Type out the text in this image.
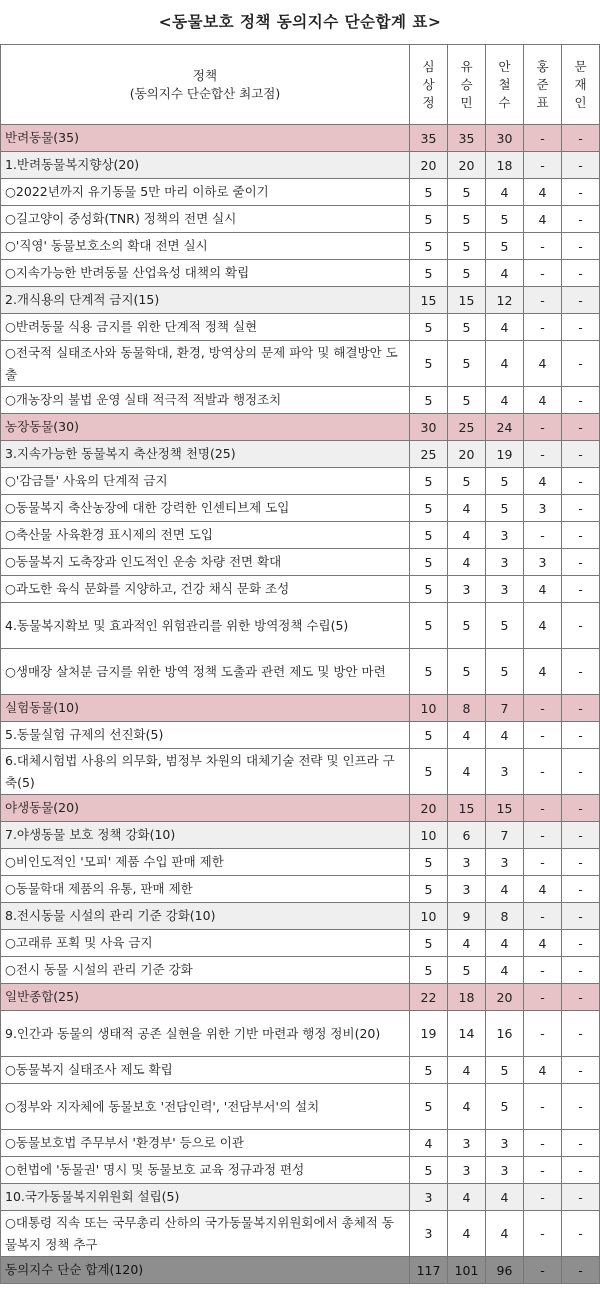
<동물보호 정책 동의지수 단순합계 표>
정책
(동의지수 단순합산 최고점)	심상정	유승민	안철수	홍준표	문재인
반려동물(35)	35	35	30	-	-
1.반려동물복지향상(20)	20	20	18	-	-
○2022년까지 유기동물 5만 마리 이하로 줄이기	5	5	4	4	-
○길고양이 중성화(TNR) 정책의 전면 실시	5	5	5	4	-
○'직영' 동물보호소의 확대 전면 실시	5	5	5	-	-
○지속가능한 반려동물 산업육성 대책의 확립	5	5	4	-	-
2.개식용의 단계적 금지(15)	15	15	12	-	-
○반려동물 식용 금지를 위한 단계적 정책 실현	5	5	4	-	-
○전국적 실태조사와 동물학대, 환경, 방역상의 문제 파악 및 해결방안 도출	5	5	4	4	-
○개농장의 불법 운영 실태 적극적 적발과 행정조치	5	5	4	4	-
농장동물(30)	30	25	24	-	-
3.지속가능한 동물복지 축산정책 천명(25)	25	20	19	-	-
○'감금틀' 사육의 단계적 금지	5	5	5	4	-
○동물복지 축산농장에 대한 강력한 인센티브제 도입	5	4	5	3	-
○축산물 사육환경 표시제의 전면 도입	5	4	3	-	-
○동물복지 도축장과 인도적인 운송 차량 전면 확대	5	4	3	3	-
○과도한 육식 문화를 지양하고, 건강 채식 문화 조성	5	3	3	4	-
4.동물복지확보 및 효과적인 위험관리를 위한 방역정책 수립(5)	5	5	5	4	-
○생매장 살처분 금지를 위한 방역 정책 도출과 관련 제도 및 방안 마련	5	5	5	4	-
실험동물(10)	10	8	7	-	-
5.동물실험 규제의 선진화(5)	5	4	4	-	-
6.대체시험법 사용의 의무화, 범정부 차원의 대체기술 전략 및 인프라 구축(5)	5	4	3	-	-
야생동물(20)	20	15	15	-	-
7.야생동물 보호 정책 강화(10)	10	6	7	-	-
○비인도적인 '모피' 제품 수입 판매 제한	5	3	3	-	-
○동물학대 제품의 유통, 판매 제한	5	3	4	4	-
8.전시동물 시설의 관리 기준 강화(10)	10	9	8	-	-
○고래류 포획 및 사육 금지	5	4	4	4	-
○전시 동물 시설의 관리 기준 강화	5	5	4	-	-
일반종합(25)	22	18	20	-	-
9.인간과 동물의 생태적 공존 실현을 위한 기반 마련과 행정 정비(20)	19	14	16	-	-
○동물복지 실태조사 제도 확립	5	4	5	4	-
○정부와 지자체에 동물보호 '전담인력', '전담부서'의 설치	5	4	5	-	-
○동물보호법 주무부서 '환경부' 등으로 이관	4	3	3	-	-
○헌법에 '동물권' 명시 및 동물보호 교육 정규과정 편성	5	3	3	-	-
10.국가동물복지위원회 설립(5)	3	4	4	-	-
○대통령 직속 또는 국무총리 산하의 국가동물복지위원회에서 총체적 동물복지 정책 추구	3	4	4	-	-
동의지수 단순 합계(120)	117	101	96	-	-
